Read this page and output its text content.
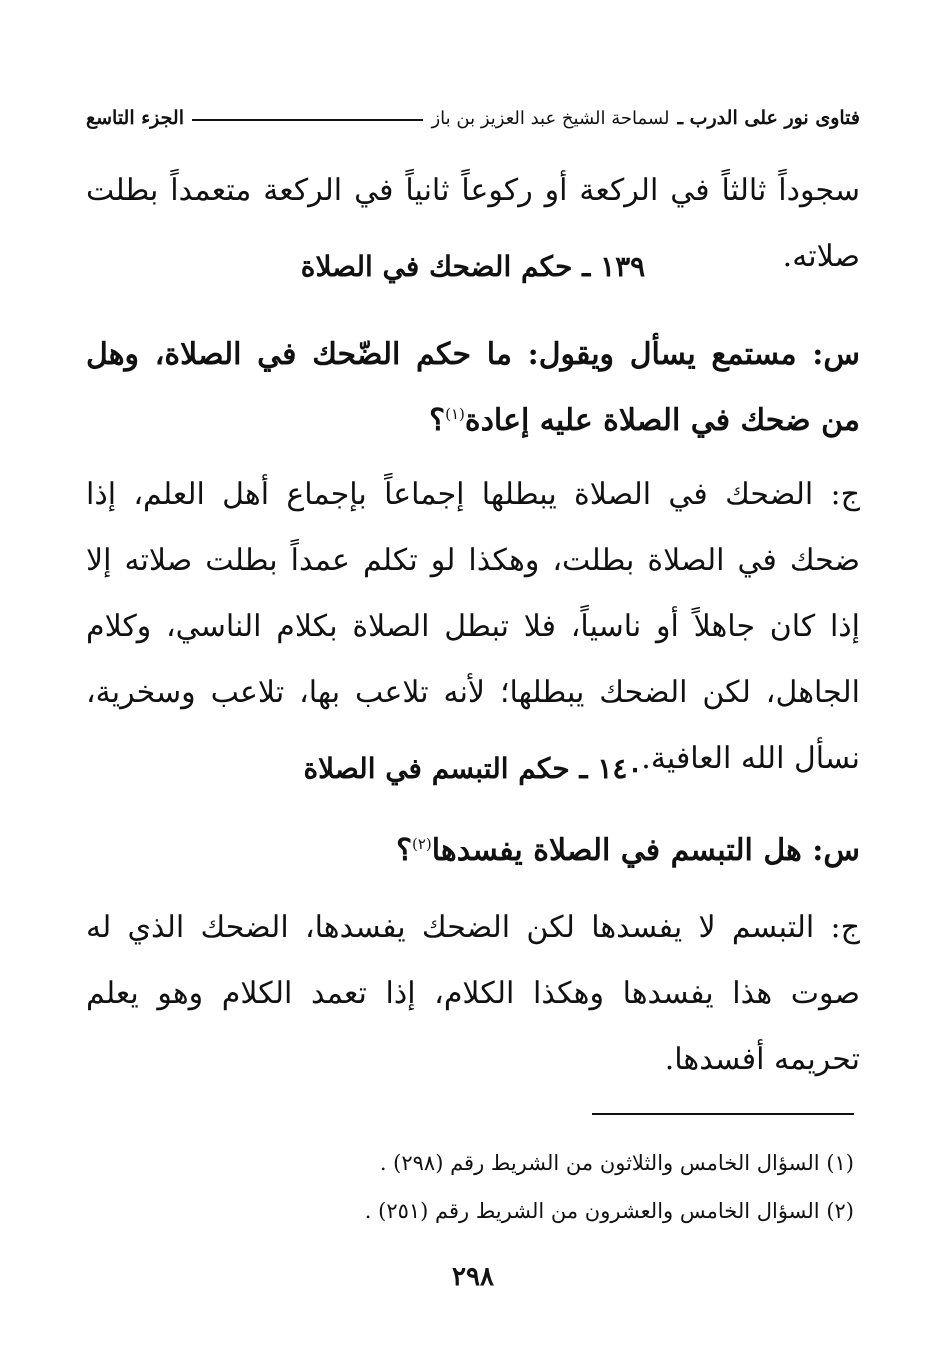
فتاوى نور على الدرب ـ
لسماحة الشيخ عبد العزيز بن باز
الجزء التاسع

سجوداً ثالثاً في الركعة أو ركوعاً ثانياً في الركعة متعمداً بطلت صلاته.

١٣٩ ـ حكم الضحك في الصلاة

س: مستمع يسأل ويقول: ما حكم الضّحك في الصلاة، وهل من ضحك في الصلاة عليه إعادة$^{(١)}$؟

ج: الضحك في الصلاة يبطلها إجماعاً بإجماع أهل العلم، إذا ضحك في الصلاة بطلت، وهكذا لو تكلم عمداً بطلت صلاته إلا إذا كان جاهلاً أو ناسياً، فلا تبطل الصلاة بكلام الناسي، وكلام الجاهل، لكن الضحك يبطلها؛ لأنه تلاعب بها، تلاعب وسخرية، نسأل الله العافية.

١٤٠ ـ حكم التبسم في الصلاة

س: هل التبسم في الصلاة يفسدها$^{(٢)}$؟

ج: التبسم لا يفسدها لكن الضحك يفسدها، الضحك الذي له صوت هذا يفسدها وهكذا الكلام، إذا تعمد الكلام وهو يعلم تحريمه أفسدها.

(١) السؤال الخامس والثلاثون من الشريط رقم (٢٩٨) .
(٢) السؤال الخامس والعشرون من الشريط رقم (٢٥١) .
٢٩٨
